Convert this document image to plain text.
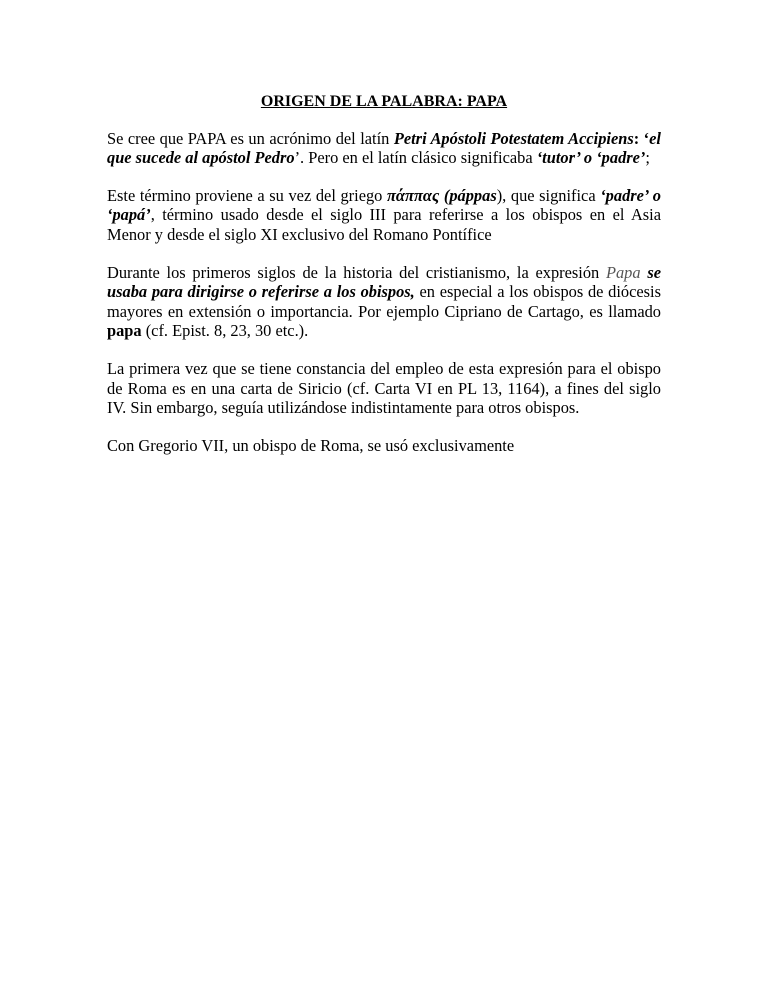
ORIGEN DE LA PALABRA: PAPA

Se cree que PAPA es un acrónimo del latín Petri Apóstoli Potestatem Accipiens: ‘el que sucede al apóstol Pedro’. Pero en el latín clásico significaba ‘tutor’ o ‘padre’;

Este término proviene a su vez del griego πάππας (páppas), que significa ‘padre’ o ‘papá’, término usado desde el siglo III para referirse a los obispos en el Asia Menor y desde el siglo XI exclusivo del Romano Pontífice

Durante los primeros siglos de la historia del cristianismo, la expresión Papa se usaba para dirigirse o referirse a los obispos, en especial a los obispos de diócesis mayores en extensión o importancia. Por ejemplo Cipriano de Cartago, es llamado papa (cf. Epist. 8, 23, 30 etc.).

La primera vez que se tiene constancia del empleo de esta expresión para el obispo de Roma es en una carta de Siricio (cf. Carta VI en PL 13, 1164), a fines del siglo IV. Sin embargo, seguía utilizándose indistintamente para otros obispos.

Con Gregorio VII, un obispo de Roma, se usó exclusivamente
